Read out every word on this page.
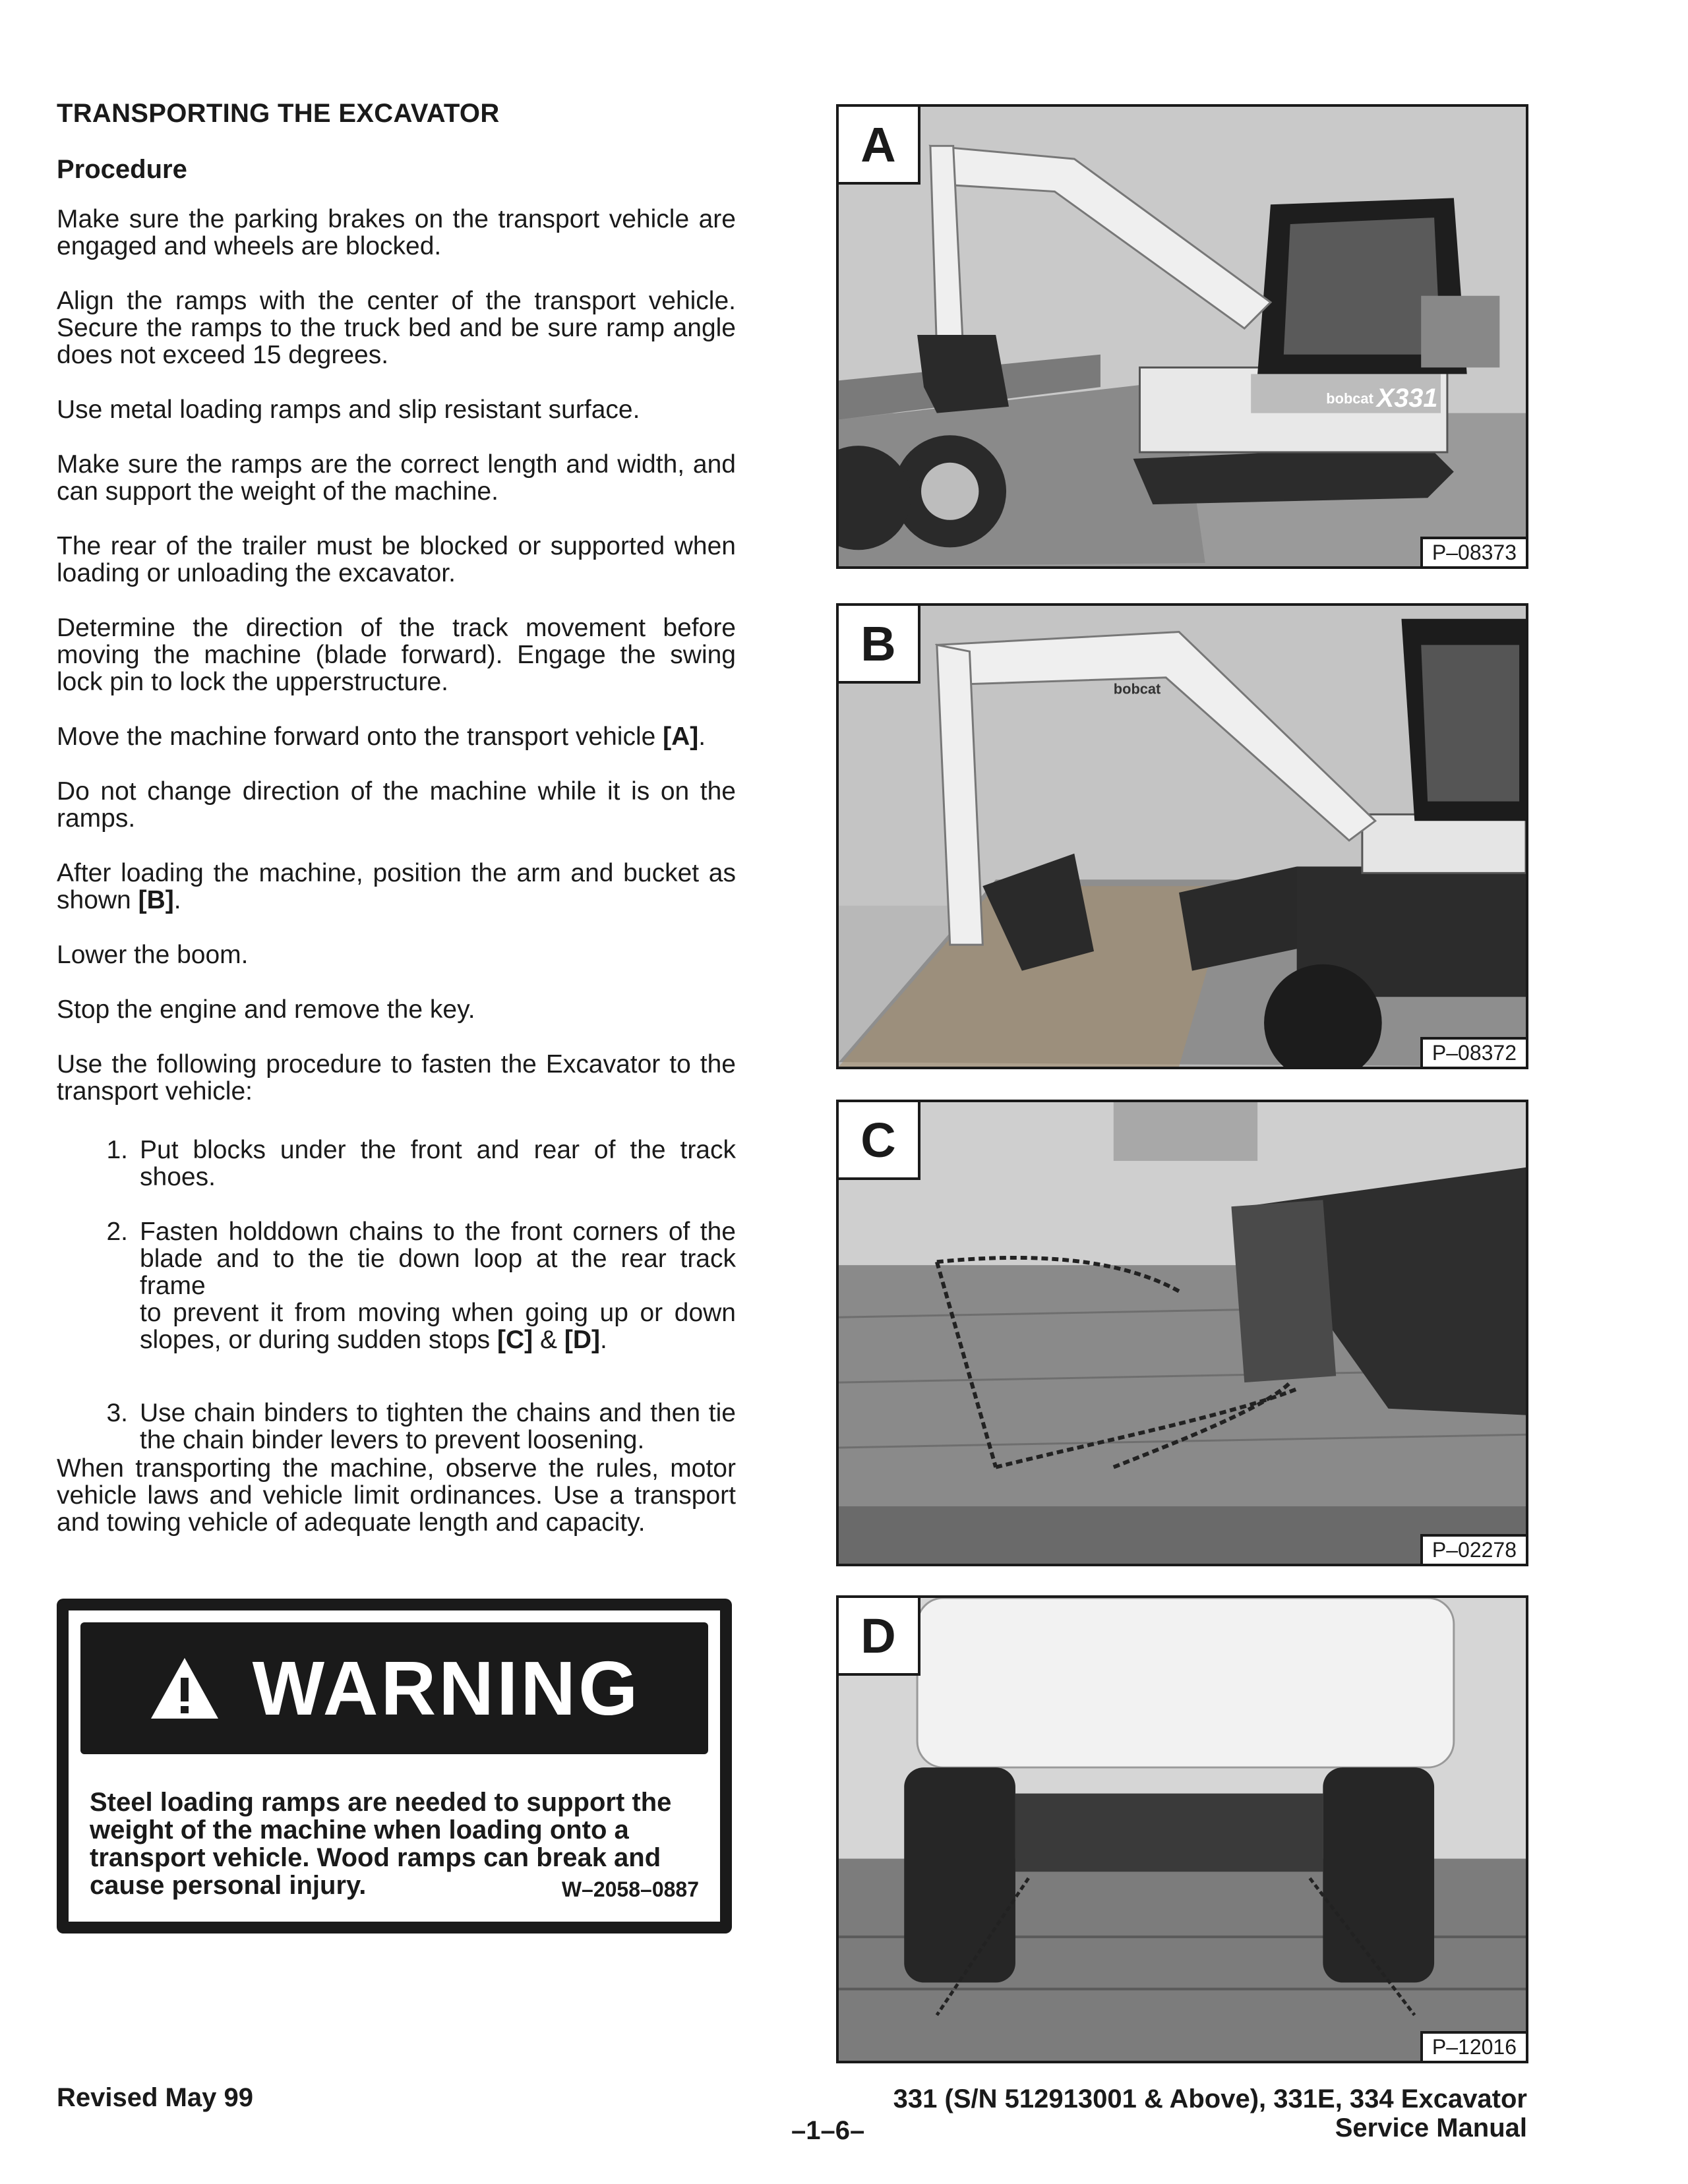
TRANSPORTING THE EXCAVATOR
Procedure

Make sure the parking brakes on the transport vehicle are engaged and wheels are blocked.

Align the ramps with the center of the transport vehicle. Secure the ramps to the truck bed and be sure ramp angle does not exceed 15 degrees.

Use metal loading ramps and slip resistant surface.

Make sure the ramps are the correct length and width, and can support the weight of the machine.

The rear of the trailer must be blocked or supported when loading or unloading the excavator.

Determine the direction of the track movement before moving the machine (blade forward). Engage the swing lock pin to lock the upperstructure.

Move the machine forward onto the transport vehicle [A].

Do not change direction of the machine while it is on the ramps.

After loading the machine, position the arm and bucket as shown [B].

Lower the boom.

Stop the engine and remove the key.

Use the following procedure to fasten the Excavator to the transport vehicle:

1. Put blocks under the front and rear of the track shoes.
2. Fasten holddown chains to the front corners of the blade and to the tie down loop at the rear track frame
to prevent it from moving when going up or down slopes, or during sudden stops [C] & [D].
3. Use chain binders to tighten the chains and then tie the chain binder levers to prevent loosening.

When transporting the machine, observe the rules, motor vehicle laws and vehicle limit ordinances. Use a transport and towing vehicle of adequate length and capacity.

WARNING
Steel loading ramps are needed to support the weight of the machine when loading onto a transport vehicle. Wood ramps can break and cause personal injury.	W–2058–0887
bobcat X331
A
P–08373
bobcat
B
P–08372
C
P–02278
D
P–12016
Revised May 99
–1–6–
331 (S/N 512913001 & Above), 331E, 334 Excavator
Service Manual
